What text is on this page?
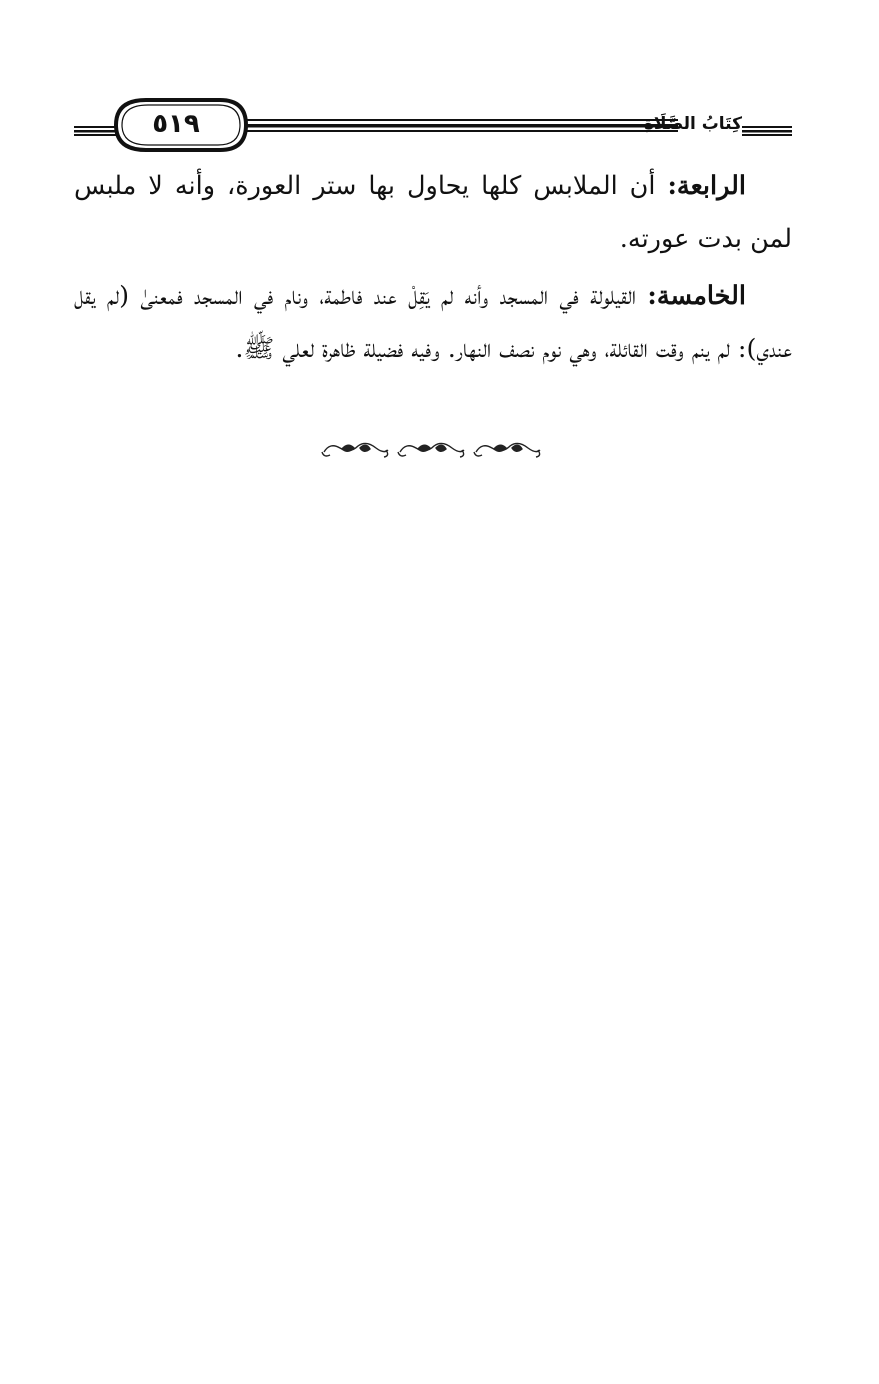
٥١٩	كِتَابُ الصَّلَاةِ

الرابعة: أن الملابس كلها يحاول بها ستر العورة، وأنه لا ملبس لمن بدت عورته.

الخامسة: القيلولة في المسجد وأنه لم يَقِلْ عند فاطمة، ونام في المسجد فمعنىٰ (لم يقل عندي): لم ينم وقت القائلة، وهي نوم نصف النهار. وفيه فضيلة ظاهرة لعلي ﷺ.
